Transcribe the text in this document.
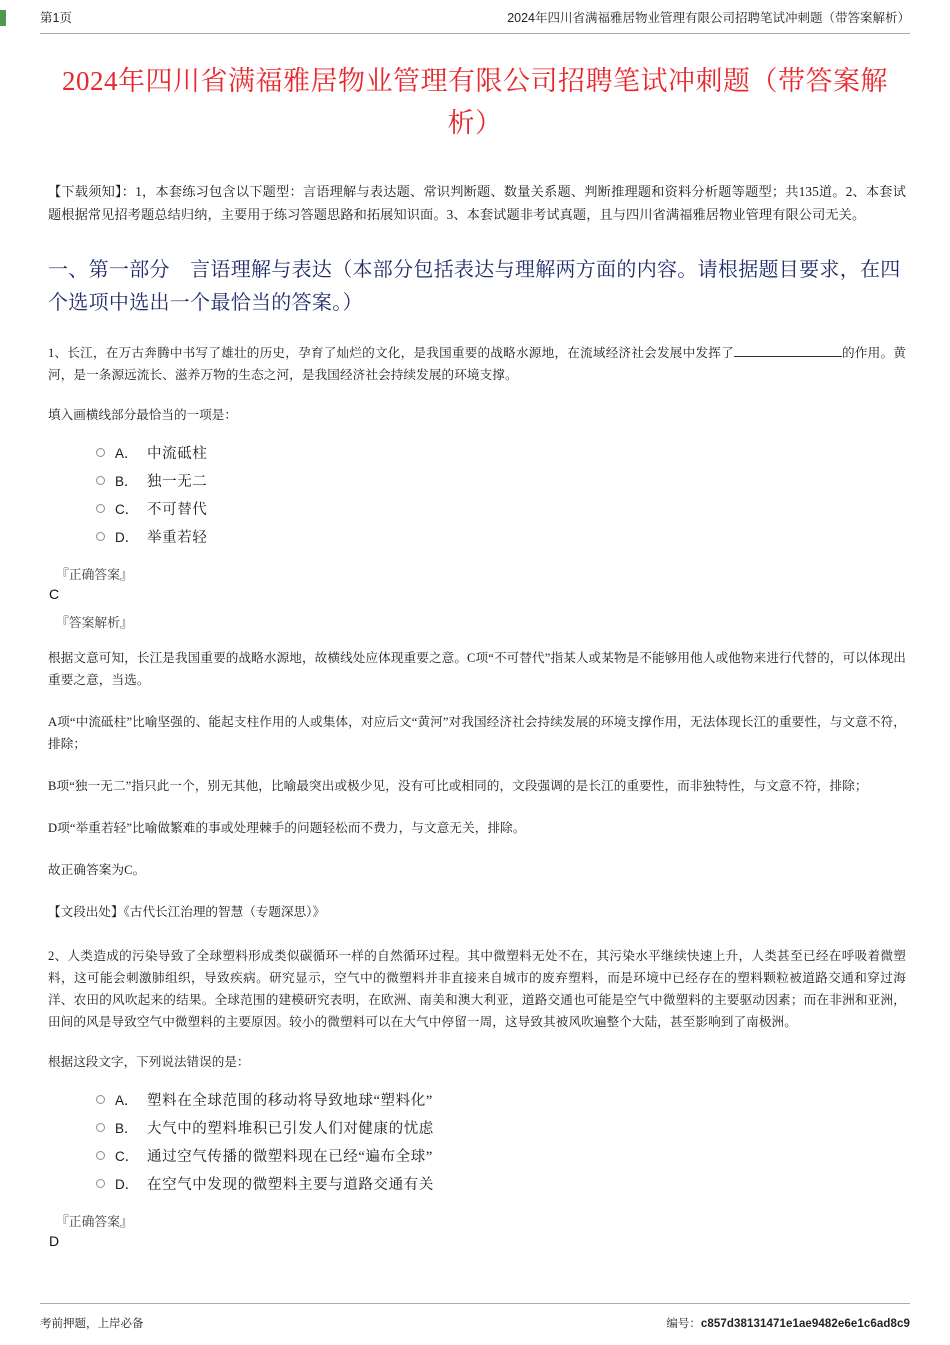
第1页	2024年四川省满福雅居物业管理有限公司招聘笔试冲刺题（带答案解析）
2024年四川省满福雅居物业管理有限公司招聘笔试冲刺题（带答案解析）

【下载须知】：1，本套练习包含以下题型：言语理解与表达题、常识判断题、数量关系题、判断推理题和资料分析题等题型；共135道。2、本套试题根据常见招考题总结归纳，主要用于练习答题思路和拓展知识面。3、本套试题非考试真题，且与四川省满福雅居物业管理有限公司无关。

一、第一部分　言语理解与表达（本部分包括表达与理解两方面的内容。请根据题目要求，在四个选项中选出一个最恰当的答案。）

1、长江，在万古奔腾中书写了雄壮的历史，孕育了灿烂的文化，是我国重要的战略水源地，在流域经济社会发展中发挥了	的作用。黄河，是一条源远流长、滋养万物的生态之河，是我国经济社会持续发展的环境支撑。

填入画横线部分最恰当的一项是：

A． 中流砥柱
B． 独一无二
C． 不可替代
D． 举重若轻

『正确答案』

C

『答案解析』

根据文意可知，长江是我国重要的战略水源地，故横线处应体现重要之意。C项“不可替代”指某人或某物是不能够用他人或他物来进行代替的，可以体现出重要之意，当选。

A项“中流砥柱”比喻坚强的、能起支柱作用的人或集体，对应后文“黄河”对我国经济社会持续发展的环境支撑作用，无法体现长江的重要性，与文意不符，排除；

B项“独一无二”指只此一个，别无其他，比喻最突出或极少见，没有可比或相同的，文段强调的是长江的重要性，而非独特性，与文意不符，排除；

D项“举重若轻”比喻做繁难的事或处理棘手的问题轻松而不费力，与文意无关，排除。

故正确答案为C。

【文段出处】《古代长江治理的智慧（专题深思）》

2、人类造成的污染导致了全球塑料形成类似碳循环一样的自然循环过程。其中微塑料无处不在，其污染水平继续快速上升，人类甚至已经在呼吸着微塑料，这可能会刺激肺组织，导致疾病。研究显示，空气中的微塑料并非直接来自城市的废弃塑料，而是环境中已经存在的塑料颗粒被道路交通和穿过海洋、农田的风吹起来的结果。全球范围的建模研究表明，在欧洲、南美和澳大利亚，道路交通也可能是空气中微塑料的主要驱动因素；而在非洲和亚洲，田间的风是导致空气中微塑料的主要原因。较小的微塑料可以在大气中停留一周，这导致其被风吹遍整个大陆，甚至影响到了南极洲。

根据这段文字，下列说法错误的是：

A． 塑料在全球范围的移动将导致地球“塑料化”
B． 大气中的塑料堆积已引发人们对健康的忧虑
C． 通过空气传播的微塑料现在已经“遍布全球”
D． 在空气中发现的微塑料主要与道路交通有关

『正确答案』

D

考前押题，上岸必备	编号：c857d38131471e1ae9482e6e1c6ad8c9
